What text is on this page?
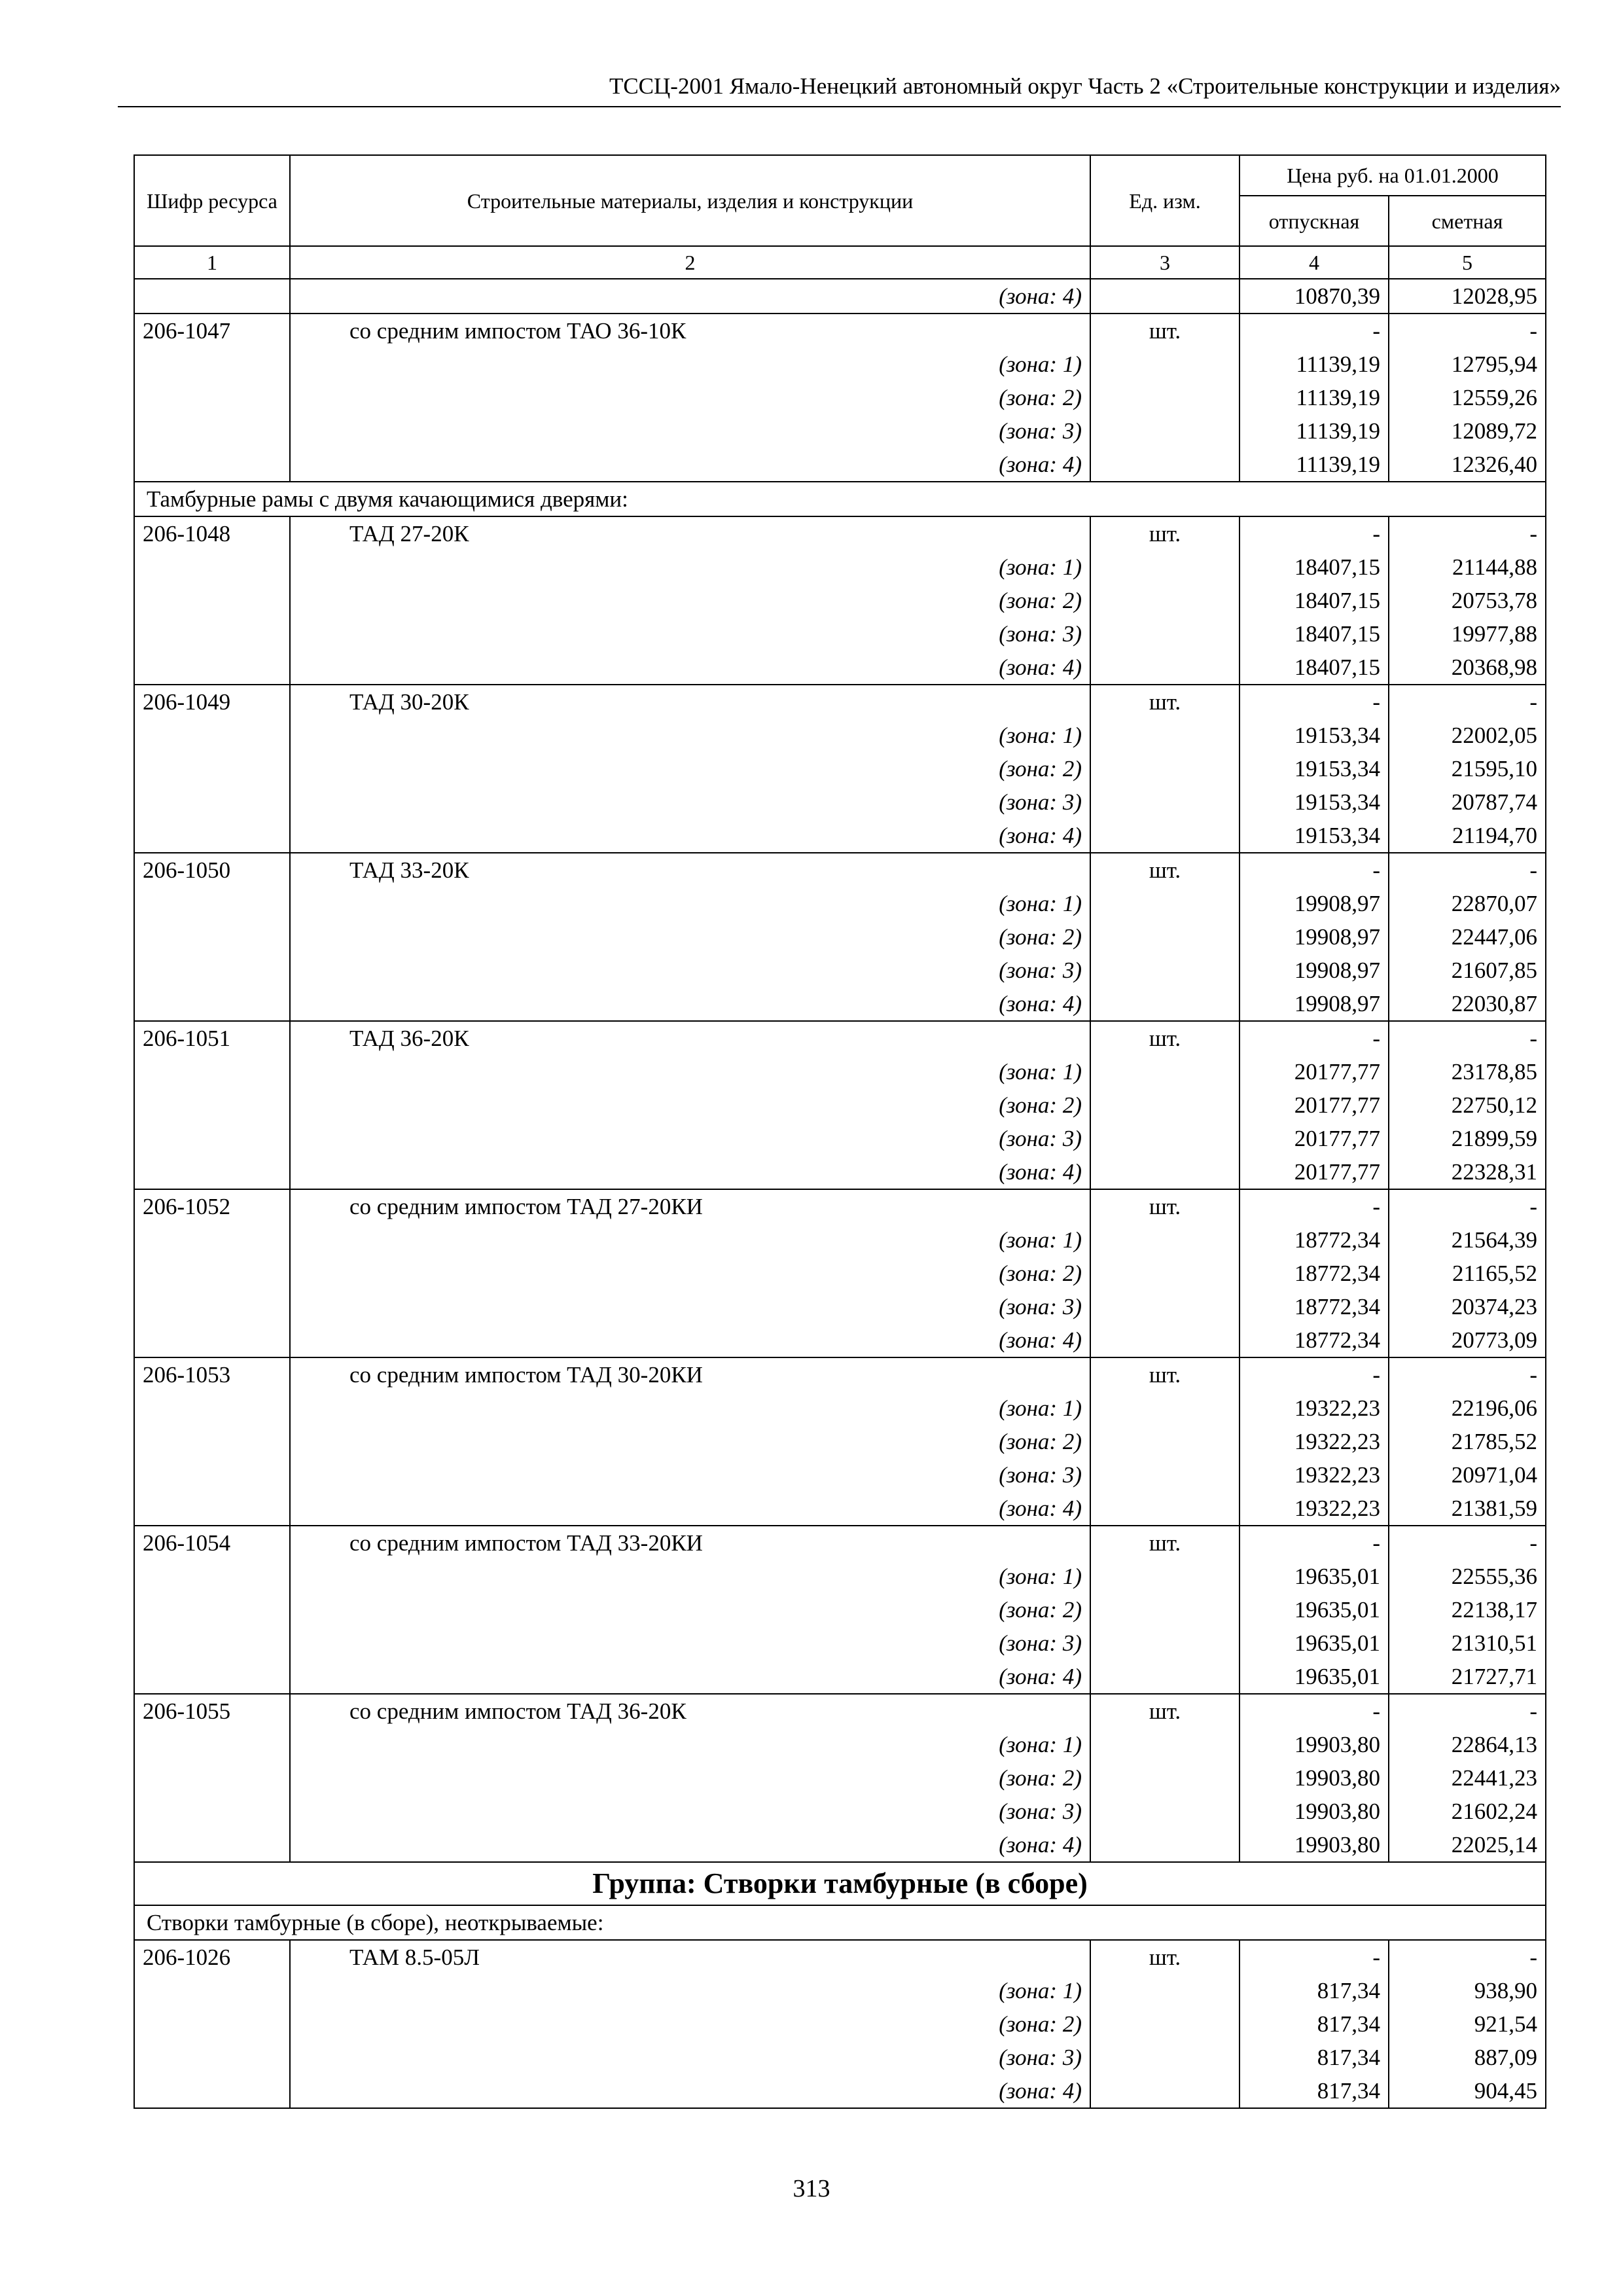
ТССЦ-2001 Ямало-Ненецкий автономный округ Часть 2 «Строительные конструкции и изделия»
Шифр ресурса	Строительные материалы, изделия и конструкции	Ед. изм.	Цена руб. на 01.01.2000	
			отпускная	сметная
1	2	3	4	5
	(зона: 4)		10870,39	12028,95
206-1047	со средним импостом ТАО 36-10К	шт.	-	-
	(зона: 1)		11139,19	12795,94
	(зона: 2)		11139,19	12559,26
	(зона: 3)		11139,19	12089,72
	(зона: 4)		11139,19	12326,40
Тамбурные рамы с двумя качающимися дверями:				
206-1048	ТАД 27-20К	шт.	-	-
	(зона: 1)		18407,15	21144,88
	(зона: 2)		18407,15	20753,78
	(зона: 3)		18407,15	19977,88
	(зона: 4)		18407,15	20368,98
206-1049	ТАД 30-20К	шт.	-	-
	(зона: 1)		19153,34	22002,05
	(зона: 2)		19153,34	21595,10
	(зона: 3)		19153,34	20787,74
	(зона: 4)		19153,34	21194,70
206-1050	ТАД 33-20К	шт.	-	-
	(зона: 1)		19908,97	22870,07
	(зона: 2)		19908,97	22447,06
	(зона: 3)		19908,97	21607,85
	(зона: 4)		19908,97	22030,87
206-1051	ТАД 36-20К	шт.	-	-
	(зона: 1)		20177,77	23178,85
	(зона: 2)		20177,77	22750,12
	(зона: 3)		20177,77	21899,59
	(зона: 4)		20177,77	22328,31
206-1052	со средним импостом ТАД 27-20КИ	шт.	-	-
	(зона: 1)		18772,34	21564,39
	(зона: 2)		18772,34	21165,52
	(зона: 3)		18772,34	20374,23
	(зона: 4)		18772,34	20773,09
206-1053	со средним импостом ТАД 30-20КИ	шт.	-	-
	(зона: 1)		19322,23	22196,06
	(зона: 2)		19322,23	21785,52
	(зона: 3)		19322,23	20971,04
	(зона: 4)		19322,23	21381,59
206-1054	со средним импостом ТАД 33-20КИ	шт.	-	-
	(зона: 1)		19635,01	22555,36
	(зона: 2)		19635,01	22138,17
	(зона: 3)		19635,01	21310,51
	(зона: 4)		19635,01	21727,71
206-1055	со средним импостом ТАД 36-20К	шт.	-	-
	(зона: 1)		19903,80	22864,13
	(зона: 2)		19903,80	22441,23
	(зона: 3)		19903,80	21602,24
	(зона: 4)		19903,80	22025,14
Группа: Створки тамбурные (в сборе)				
Створки тамбурные (в сборе), неоткрываемые:				
206-1026	ТАМ 8.5-05Л	шт.	-	-
	(зона: 1)		817,34	938,90
	(зона: 2)		817,34	921,54
	(зона: 3)		817,34	887,09
	(зона: 4)		817,34	904,45
313
